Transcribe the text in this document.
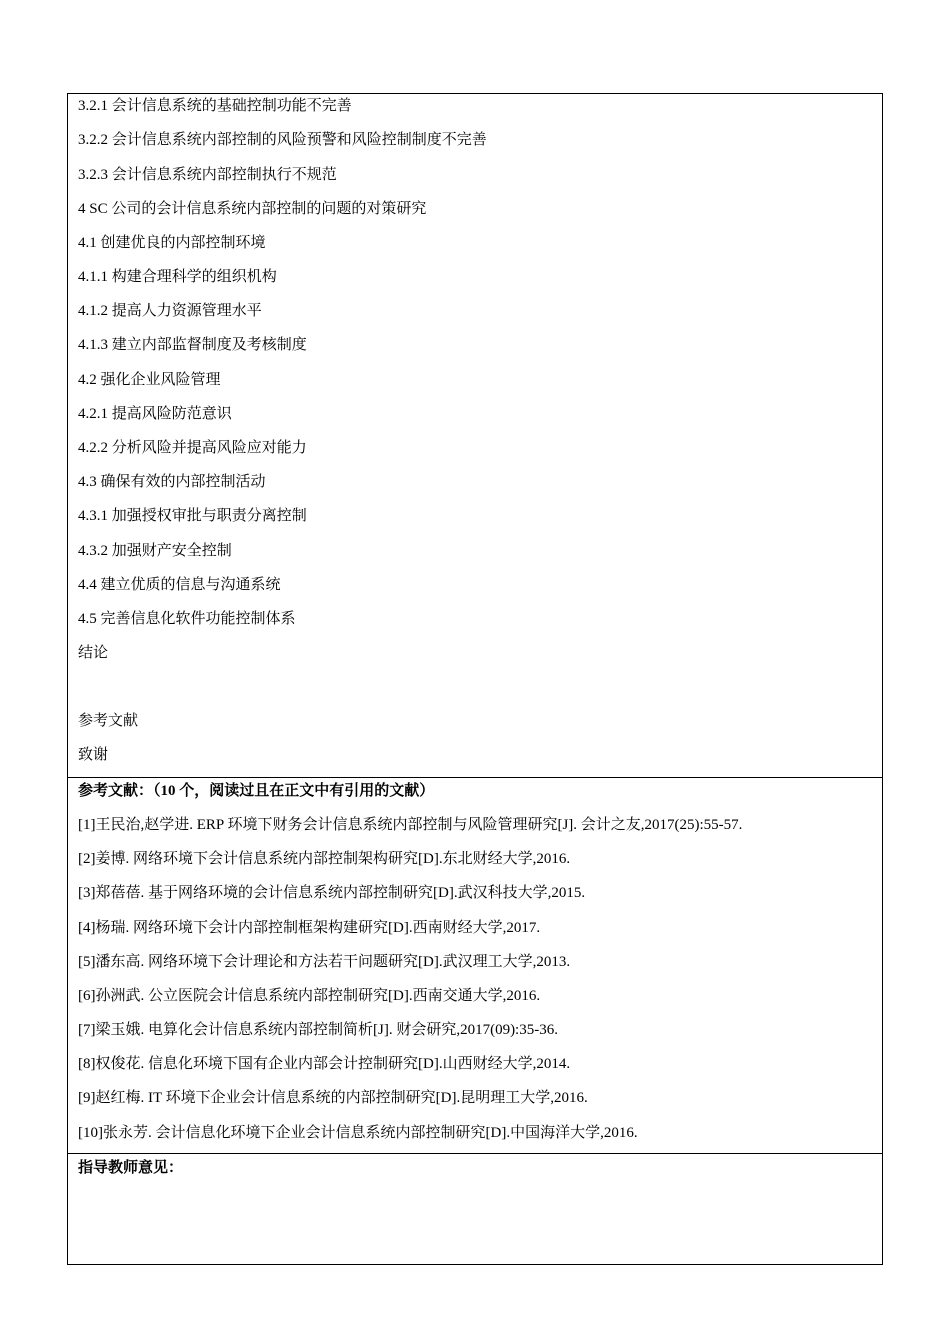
3.2.1 会计信息系统的基础控制功能不完善
3.2.2 会计信息系统内部控制的风险预警和风险控制制度不完善
3.2.3 会计信息系统内部控制执行不规范
4 SC 公司的会计信息系统内部控制的问题的对策研究
4.1 创建优良的内部控制环境
4.1.1 构建合理科学的组织机构
4.1.2 提高人力资源管理水平
4.1.3 建立内部监督制度及考核制度
4.2 强化企业风险管理
4.2.1 提高风险防范意识
4.2.2 分析风险并提高风险应对能力
4.3 确保有效的内部控制活动
4.3.1 加强授权审批与职责分离控制
4.3.2 加强财产安全控制
4.4 建立优质的信息与沟通系统
4.5 完善信息化软件功能控制体系
结论
参考文献
致谢
参考文献：（10 个，阅读过且在正文中有引用的文献）
[1]王民治,赵学进. ERP 环境下财务会计信息系统内部控制与风险管理研究[J]. 会计之友,2017(25):55-57.
[2]姜博. 网络环境下会计信息系统内部控制架构研究[D].东北财经大学,2016.
[3]郑蓓蓓. 基于网络环境的会计信息系统内部控制研究[D].武汉科技大学,2015.
[4]杨瑞. 网络环境下会计内部控制框架构建研究[D].西南财经大学,2017.
[5]潘东高. 网络环境下会计理论和方法若干问题研究[D].武汉理工大学,2013.
[6]孙洲武. 公立医院会计信息系统内部控制研究[D].西南交通大学,2016.
[7]梁玉娥. 电算化会计信息系统内部控制简析[J]. 财会研究,2017(09):35-36.
[8]权俊花. 信息化环境下国有企业内部会计控制研究[D].山西财经大学,2014.
[9]赵红梅. IT 环境下企业会计信息系统的内部控制研究[D].昆明理工大学,2016.
[10]张永芳. 会计信息化环境下企业会计信息系统内部控制研究[D].中国海洋大学,2016.
指导教师意见：
